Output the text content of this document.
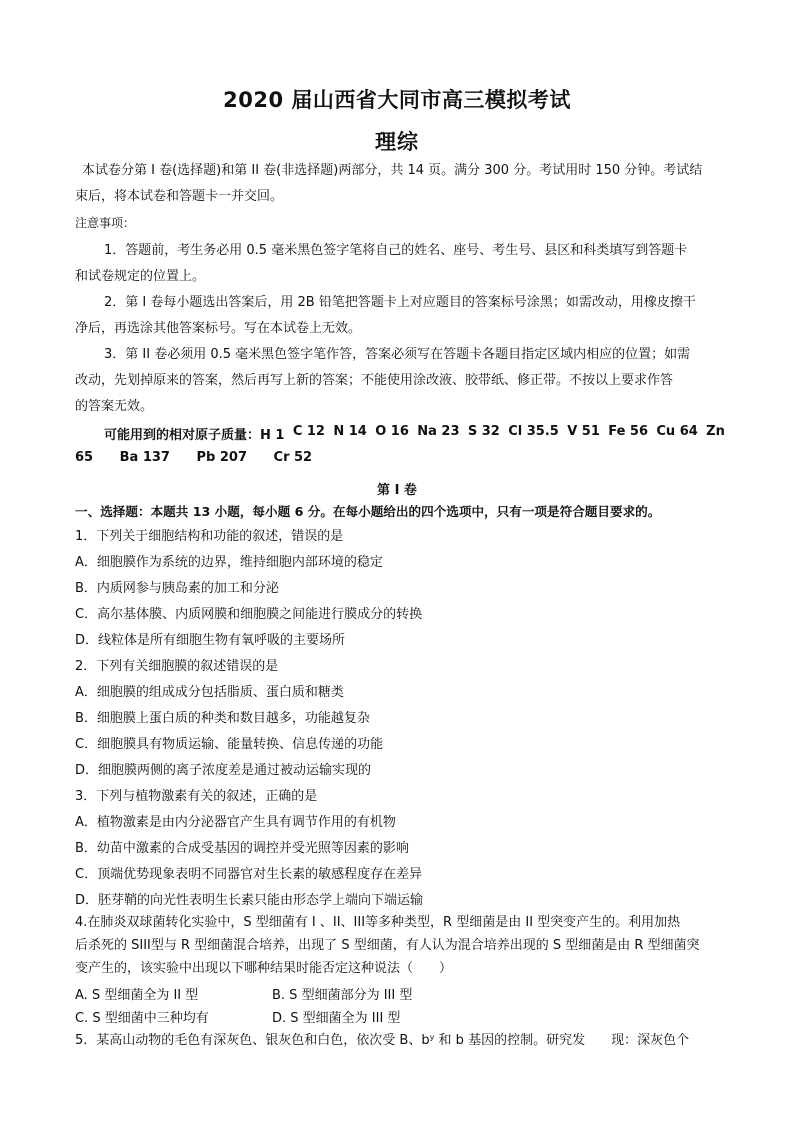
2020 届山西省大同市高三模拟考试
理综
本试卷分第 I 卷(选择题)和第 II 卷(非选择题)两部分，共 14 页。满分 300 分。考试用时 150 分钟。考试结
束后，将本试卷和答题卡一并交回。
注意事项：
1．答题前，考生务必用 0.5 毫米黑色签字笔将自己的姓名、座号、考生号、县区和科类填写到答题卡
和试卷规定的位置上。
2．第 I 卷每小题选出答案后，用 2B 铅笔把答题卡上对应题目的答案标号涂黑；如需改动，用橡皮擦干
净后，再选涂其他答案标号。写在本试卷上无效。
3．第 II 卷必须用 0.5 毫米黑色签字笔作答，答案必须写在答题卡各题目指定区域内相应的位置；如需
改动，先划掉原来的答案，然后再写上新的答案；不能使用涂改液、胶带纸、修正带。不按以上要求作答
的答案无效。
可能用到的相对原子质量：H 1 C 12 N 14 O 16 Na 23 S 32 Cl 35.5 V 51 Fe 56 Cu 64 Zn
65 Ba 137 Pb 207 Cr 52
第 I 卷
一、选择题：本题共 13 小题，每小题 6 分。在每小题给出的四个选项中，只有一项是符合题目要求的。
1．下列关于细胞结构和功能的叙述，错误的是
A．细胞膜作为系统的边界，维持细胞内部环境的稳定
B．内质网参与胰岛素的加工和分泌
C．高尔基体膜、内质网膜和细胞膜之间能进行膜成分的转换
D．线粒体是所有细胞生物有氧呼吸的主要场所
2．下列有关细胞膜的叙述错误的是
A．细胞膜的组成成分包括脂质、蛋白质和糖类
B．细胞膜上蛋白质的种类和数目越多，功能越复杂
C．细胞膜具有物质运输、能量转换、信息传递的功能
D．细胞膜两侧的离子浓度差是通过被动运输实现的
3．下列与植物激素有关的叙述，正确的是
A．植物激素是由内分泌器官产生具有调节作用的有机物
B．幼苗中激素的合成受基因的调控并受光照等因素的影响
C．顶端优势现象表明不同器官对生长素的敏感程度存在差异
D．胚芽鞘的向光性表明生长素只能由形态学上端向下端运输
4.在肺炎双球菌转化实验中，S 型细菌有 I 、II、III等多种类型，R 型细菌是由 II 型突变产生的。利用加热
后杀死的 SIII型与 R 型细菌混合培养，出现了 S 型细菌，有人认为混合培养出现的 S 型细菌是由 R 型细菌突
变产生的，该实验中出现以下哪种结果时能否定这种说法（　　）
A. S 型细菌全为 II 型	B. S 型细菌部分为 III 型
C. S 型细菌中三种均有	D. S 型细菌全为 III 型
5．某高山动物的毛色有深灰色、银灰色和白色，依次受 B、bʸ 和 b 基因的控制。研究发　　现：深灰色个
